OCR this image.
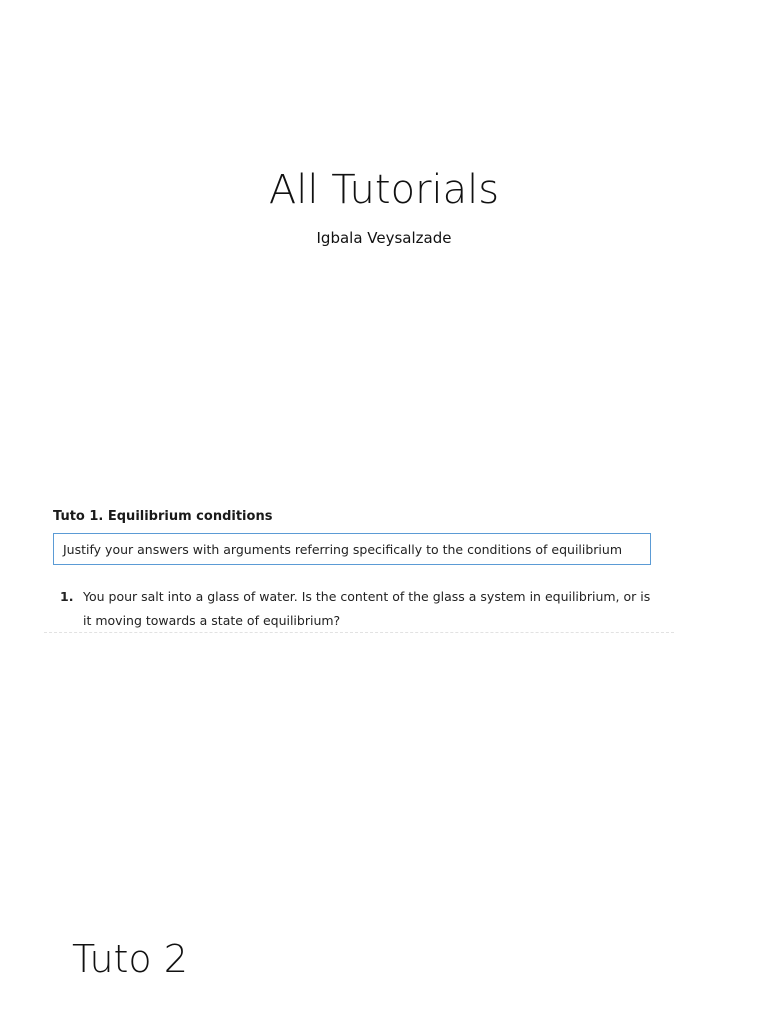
All Tutorials
Igbala Veysalzade
Tuto 1. Equilibrium conditions
Justify your answers with arguments referring specifically to the conditions of equilibrium
1. You pour salt into a glass of water. Is the content of the glass a system in equilibrium, or is
it moving towards a state of equilibrium?
Tuto 2
